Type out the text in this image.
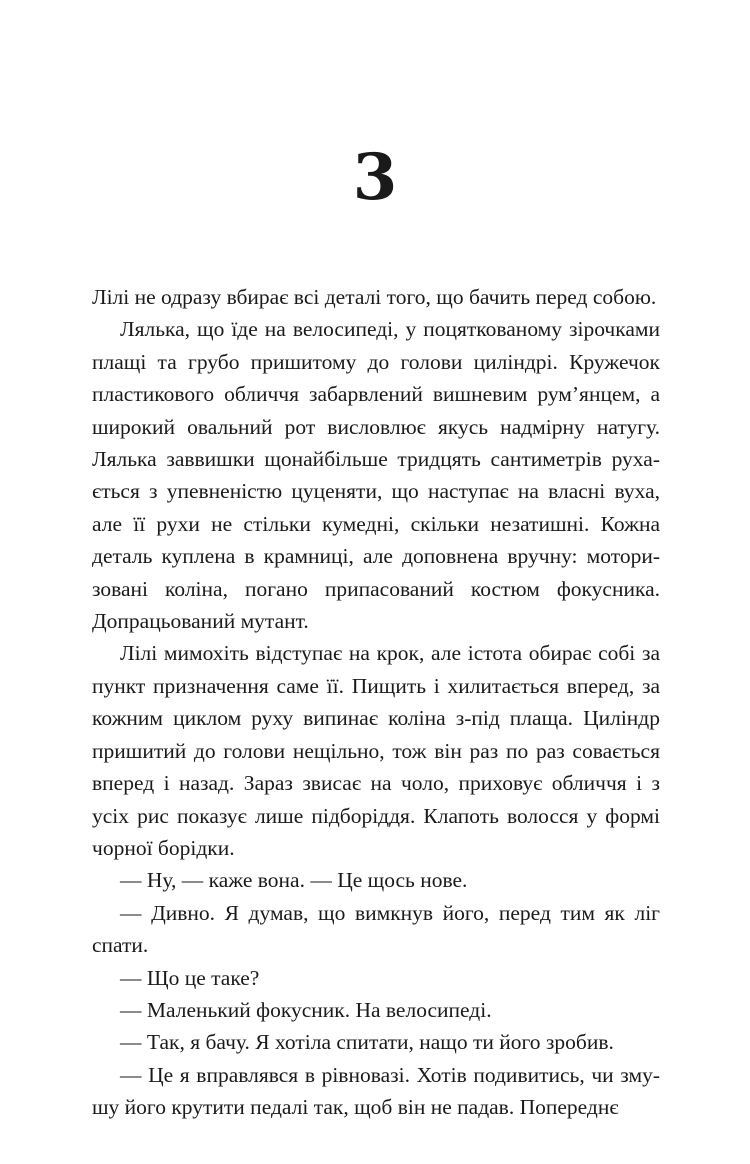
3

Лілі не одразу вбирає всі деталі того, що бачить перед собою.

Лялька, що їде на велосипеді, у поцяткованому зірочками плащі та грубо пришитому до голови циліндрі. Кружечок пластикового обличчя забарвлений вишневим рум’янцем, а широкий овальний рот висловлює якусь надмірну натугу. Лялька заввишки щонайбільше тридцять сантиметрів рухається з упевненістю цуценяти, що наступає на власні вуха, але її рухи не стільки кумедні, скільки незатишні. Кожна деталь куплена в крамниці, але доповнена вручну: моторизовані коліна, погано припасований костюм фокусника. Допрацьований мутант.

Лілі мимохіть відступає на крок, але істота обирає собі за пункт призначення саме її. Пищить і хилитається вперед, за кожним циклом руху випинає коліна з-під плаща. Циліндр пришитий до голови нещільно, тож він раз по раз совається вперед і назад. Зараз звисає на чоло, приховує обличчя і з усіх рис показує лише підборіддя. Клапоть волосся у формі чорної борідки.

— Ну, — каже вона. — Це щось нове.

— Дивно. Я думав, що вимкнув його, перед тим як ліг спати.

— Що це таке?

— Маленький фокусник. На велосипеді.

— Так, я бачу. Я хотіла спитати, нащо ти його зробив.

— Це я вправлявся в рівновазі. Хотів подивитись, чи змушу його крутити педалі так, щоб він не падав. Попереднє
